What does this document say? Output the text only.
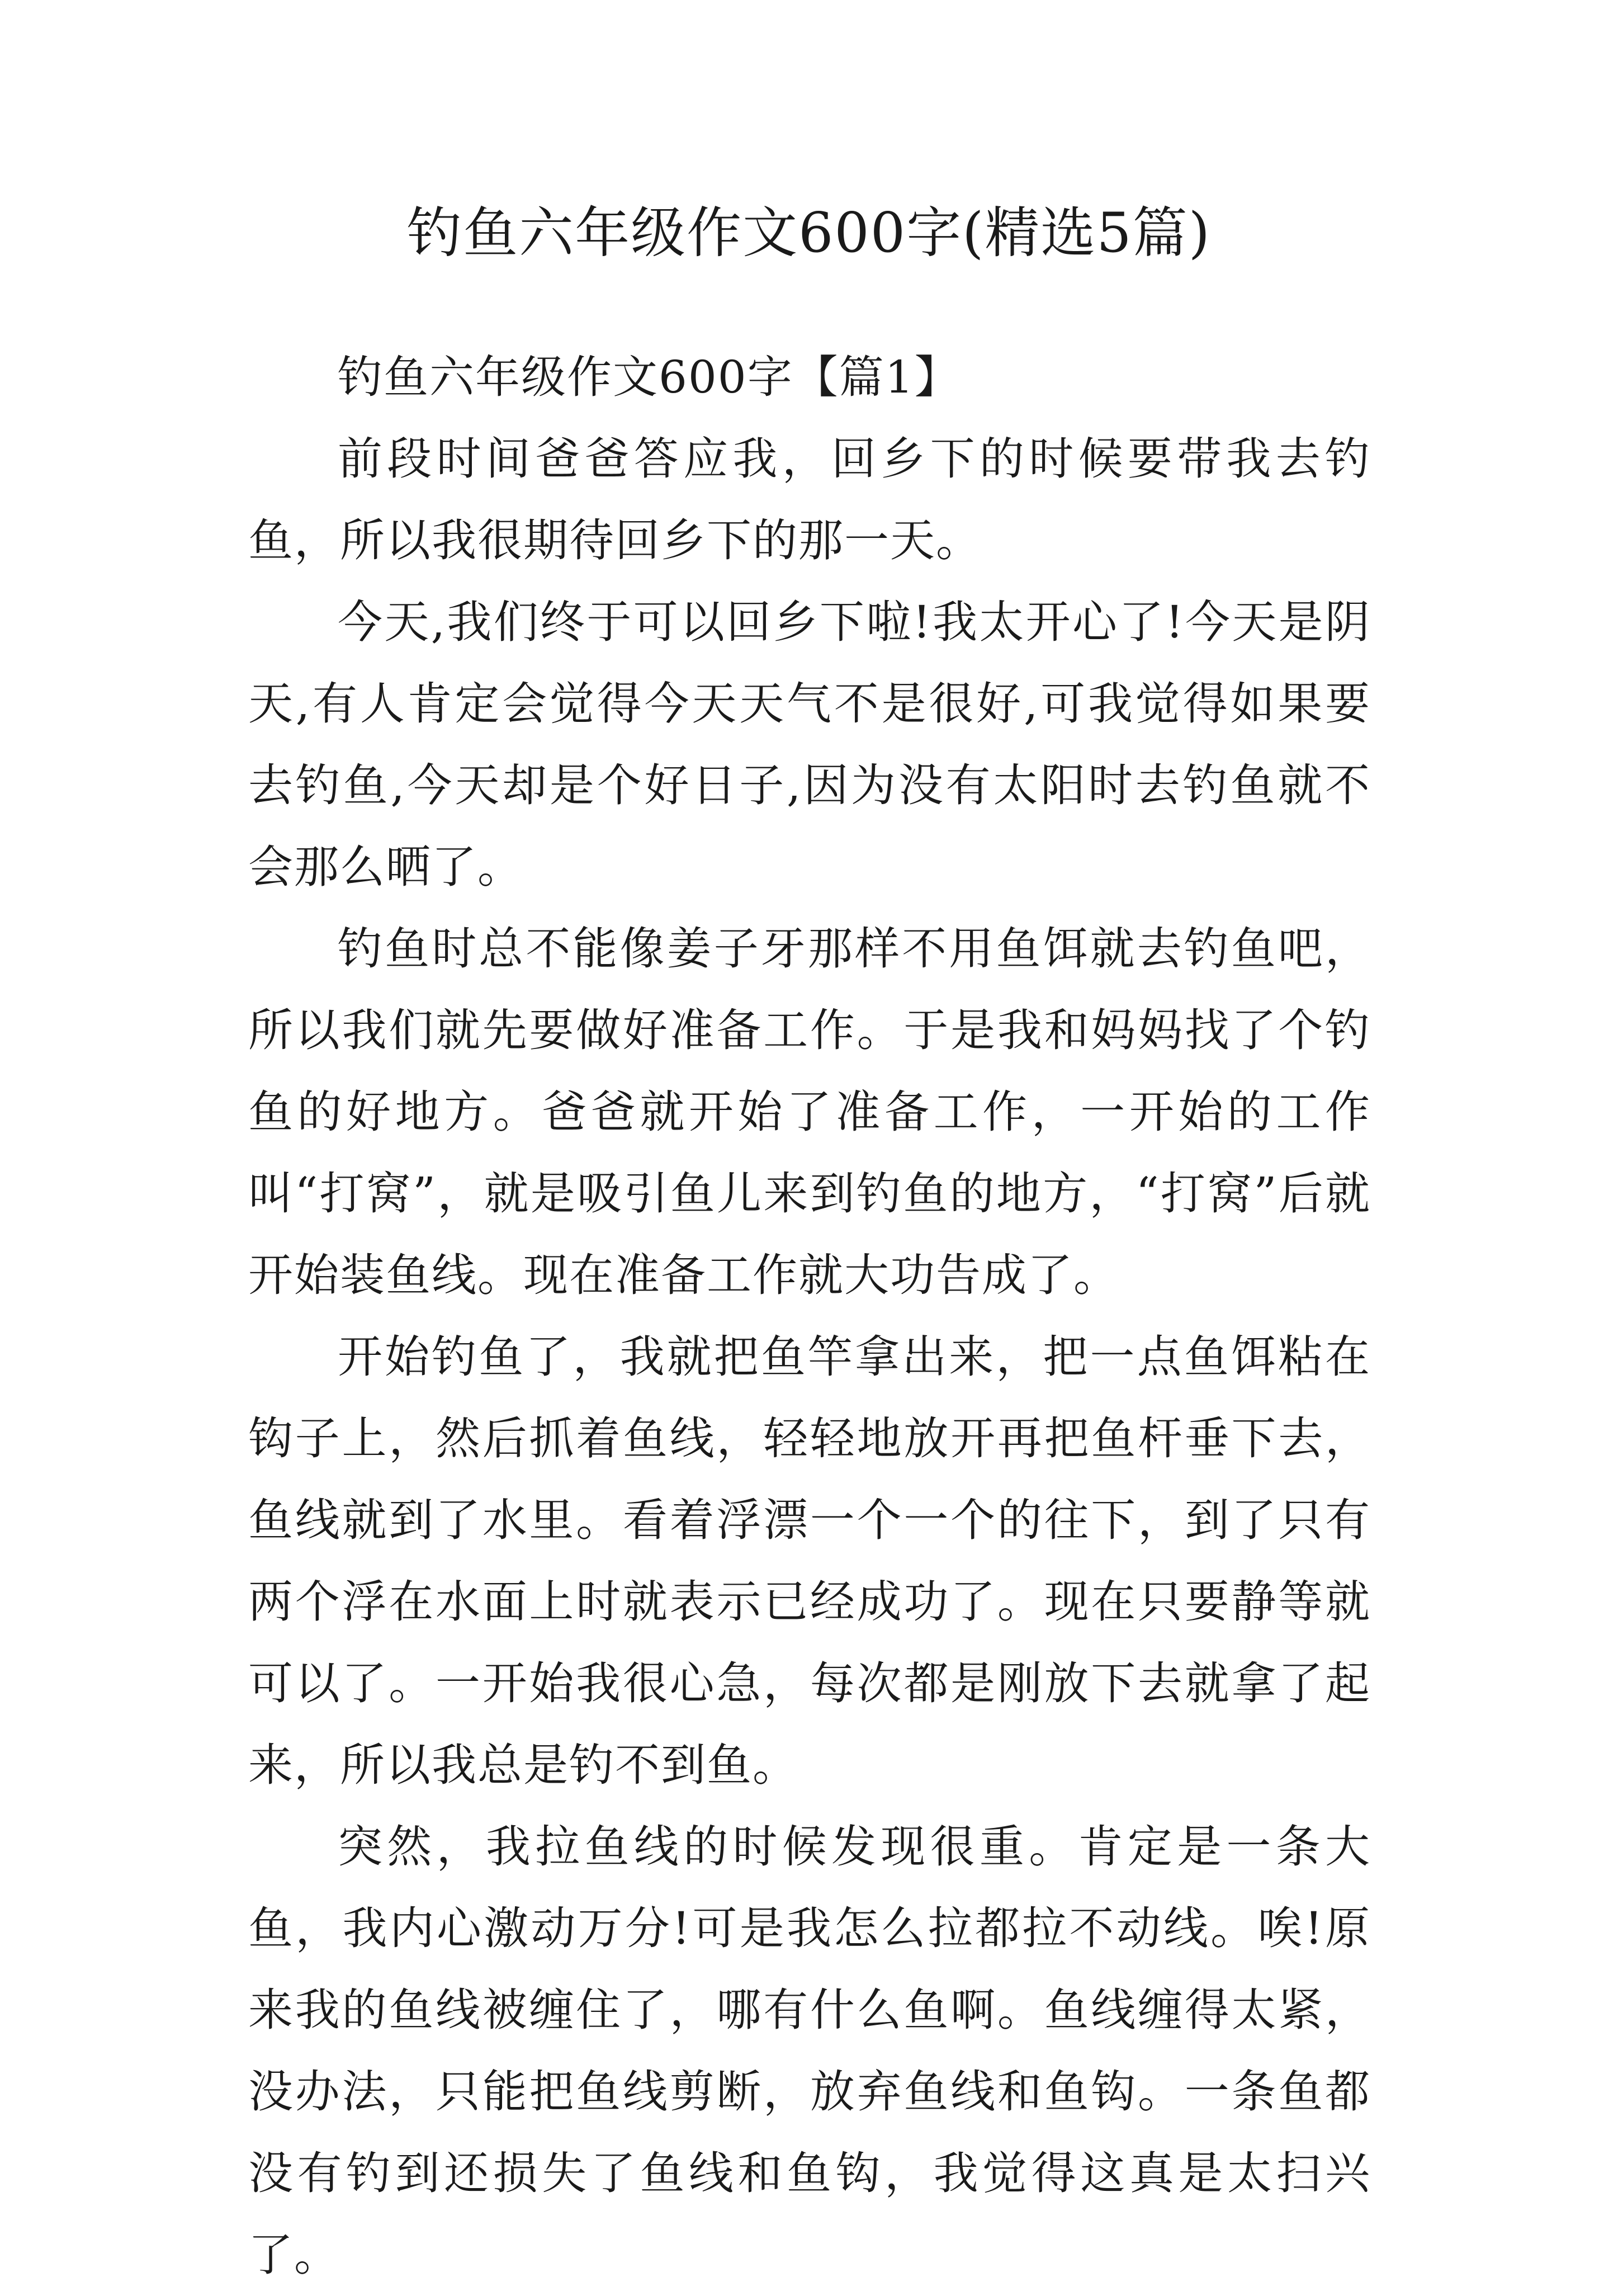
钓鱼六年级作文600字(精选5篇)
钓鱼六年级作文600字【篇1】

前段时间爸爸答应我，回乡下的时候要带我去钓鱼，所以我很期待回乡下的那一天。

今天,我们终于可以回乡下啦!我太开心了!今天是阴天,有人肯定会觉得今天天气不是很好,可我觉得如果要去钓鱼,今天却是个好日子,因为没有太阳时去钓鱼就不会那么晒了。

钓鱼时总不能像姜子牙那样不用鱼饵就去钓鱼吧，所以我们就先要做好准备工作。于是我和妈妈找了个钓鱼的好地方。爸爸就开始了准备工作，一开始的工作叫“打窝”，就是吸引鱼儿来到钓鱼的地方，“打窝”后就开始装鱼线。现在准备工作就大功告成了。

开始钓鱼了，我就把鱼竿拿出来，把一点鱼饵粘在钩子上，然后抓着鱼线，轻轻地放开再把鱼杆垂下去，鱼线就到了水里。看着浮漂一个一个的往下，到了只有两个浮在水面上时就表示已经成功了。现在只要静等就可以了。一开始我很心急，每次都是刚放下去就拿了起来，所以我总是钓不到鱼。

突然，我拉鱼线的时候发现很重。肯定是一条大鱼，我内心激动万分!可是我怎么拉都拉不动线。唉!原来我的鱼线被缠住了，哪有什么鱼啊。鱼线缠得太紧，没办法，只能把鱼线剪断，放弃鱼线和鱼钩。一条鱼都没有钓到还损失了鱼线和鱼钩，我觉得这真是太扫兴了。
